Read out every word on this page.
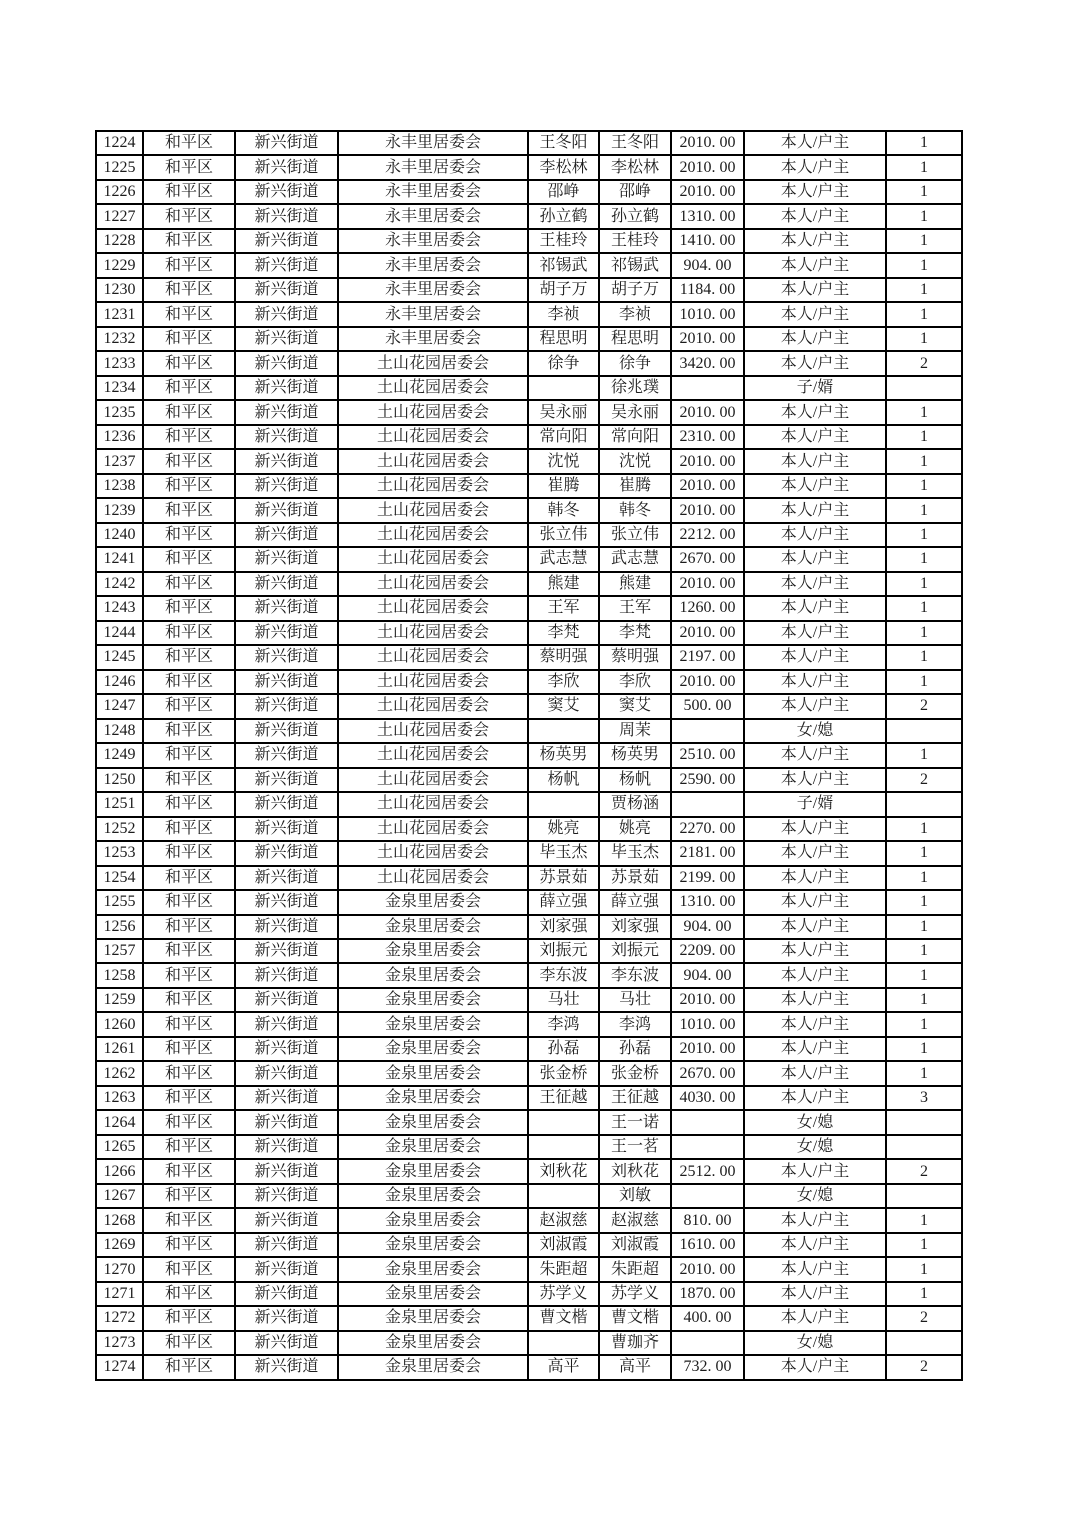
1224	和平区	新兴街道	永丰里居委会	王冬阳	王冬阳	2010. 00	本人/户主	1
1225	和平区	新兴街道	永丰里居委会	李松林	李松林	2010. 00	本人/户主	1
1226	和平区	新兴街道	永丰里居委会	邵峥	邵峥	2010. 00	本人/户主	1
1227	和平区	新兴街道	永丰里居委会	孙立鹤	孙立鹤	1310. 00	本人/户主	1
1228	和平区	新兴街道	永丰里居委会	王桂玲	王桂玲	1410. 00	本人/户主	1
1229	和平区	新兴街道	永丰里居委会	祁锡武	祁锡武	904. 00	本人/户主	1
1230	和平区	新兴街道	永丰里居委会	胡子万	胡子万	1184. 00	本人/户主	1
1231	和平区	新兴街道	永丰里居委会	李祯	李祯	1010. 00	本人/户主	1
1232	和平区	新兴街道	永丰里居委会	程思明	程思明	2010. 00	本人/户主	1
1233	和平区	新兴街道	土山花园居委会	徐争	徐争	3420. 00	本人/户主	2
1234	和平区	新兴街道	土山花园居委会		徐兆璞		子/婿	
1235	和平区	新兴街道	土山花园居委会	吴永丽	吴永丽	2010. 00	本人/户主	1
1236	和平区	新兴街道	土山花园居委会	常向阳	常向阳	2310. 00	本人/户主	1
1237	和平区	新兴街道	土山花园居委会	沈悦	沈悦	2010. 00	本人/户主	1
1238	和平区	新兴街道	土山花园居委会	崔腾	崔腾	2010. 00	本人/户主	1
1239	和平区	新兴街道	土山花园居委会	韩冬	韩冬	2010. 00	本人/户主	1
1240	和平区	新兴街道	土山花园居委会	张立伟	张立伟	2212. 00	本人/户主	1
1241	和平区	新兴街道	土山花园居委会	武志慧	武志慧	2670. 00	本人/户主	1
1242	和平区	新兴街道	土山花园居委会	熊建	熊建	2010. 00	本人/户主	1
1243	和平区	新兴街道	土山花园居委会	王军	王军	1260. 00	本人/户主	1
1244	和平区	新兴街道	土山花园居委会	李梵	李梵	2010. 00	本人/户主	1
1245	和平区	新兴街道	土山花园居委会	蔡明强	蔡明强	2197. 00	本人/户主	1
1246	和平区	新兴街道	土山花园居委会	李欣	李欣	2010. 00	本人/户主	1
1247	和平区	新兴街道	土山花园居委会	窦艾	窦艾	500. 00	本人/户主	2
1248	和平区	新兴街道	土山花园居委会		周茉		女/媳	
1249	和平区	新兴街道	土山花园居委会	杨英男	杨英男	2510. 00	本人/户主	1
1250	和平区	新兴街道	土山花园居委会	杨帆	杨帆	2590. 00	本人/户主	2
1251	和平区	新兴街道	土山花园居委会		贾杨涵		子/婿	
1252	和平区	新兴街道	土山花园居委会	姚亮	姚亮	2270. 00	本人/户主	1
1253	和平区	新兴街道	土山花园居委会	毕玉杰	毕玉杰	2181. 00	本人/户主	1
1254	和平区	新兴街道	土山花园居委会	苏景茹	苏景茹	2199. 00	本人/户主	1
1255	和平区	新兴街道	金泉里居委会	薛立强	薛立强	1310. 00	本人/户主	1
1256	和平区	新兴街道	金泉里居委会	刘家强	刘家强	904. 00	本人/户主	1
1257	和平区	新兴街道	金泉里居委会	刘振元	刘振元	2209. 00	本人/户主	1
1258	和平区	新兴街道	金泉里居委会	李东波	李东波	904. 00	本人/户主	1
1259	和平区	新兴街道	金泉里居委会	马壮	马壮	2010. 00	本人/户主	1
1260	和平区	新兴街道	金泉里居委会	李鸿	李鸿	1010. 00	本人/户主	1
1261	和平区	新兴街道	金泉里居委会	孙磊	孙磊	2010. 00	本人/户主	1
1262	和平区	新兴街道	金泉里居委会	张金桥	张金桥	2670. 00	本人/户主	1
1263	和平区	新兴街道	金泉里居委会	王征越	王征越	4030. 00	本人/户主	3
1264	和平区	新兴街道	金泉里居委会		王一诺		女/媳	
1265	和平区	新兴街道	金泉里居委会		王一茗		女/媳	
1266	和平区	新兴街道	金泉里居委会	刘秋花	刘秋花	2512. 00	本人/户主	2
1267	和平区	新兴街道	金泉里居委会		刘敏		女/媳	
1268	和平区	新兴街道	金泉里居委会	赵淑慈	赵淑慈	810. 00	本人/户主	1
1269	和平区	新兴街道	金泉里居委会	刘淑霞	刘淑霞	1610. 00	本人/户主	1
1270	和平区	新兴街道	金泉里居委会	朱距超	朱距超	2010. 00	本人/户主	1
1271	和平区	新兴街道	金泉里居委会	苏学义	苏学义	1870. 00	本人/户主	1
1272	和平区	新兴街道	金泉里居委会	曹文楷	曹文楷	400. 00	本人/户主	2
1273	和平区	新兴街道	金泉里居委会		曹珈齐		女/媳	
1274	和平区	新兴街道	金泉里居委会	高平	高平	732. 00	本人/户主	2
